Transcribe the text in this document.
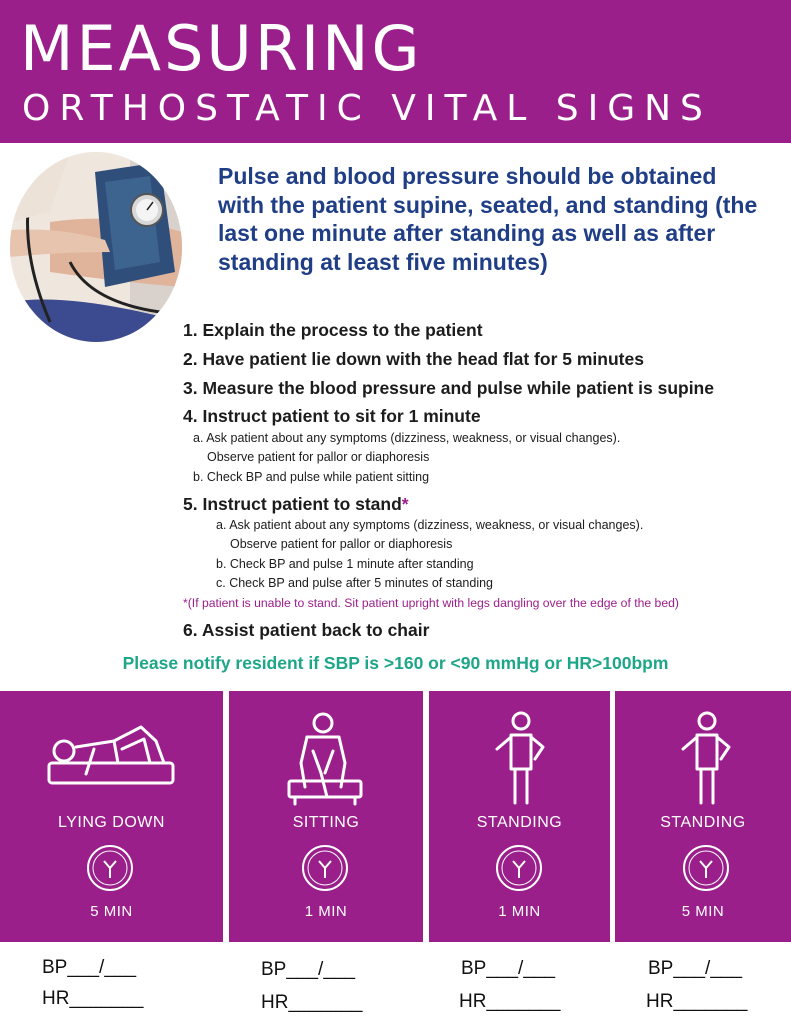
MEASURING
ORTHOSTATIC VITAL SIGNS
Pulse and blood pressure should be obtained with the patient supine, seated, and standing (the last one minute after standing as well as after standing at least five minutes)
1. Explain the process to the patient
2. Have patient lie down with the head flat for 5 minutes
3. Measure the blood pressure and pulse while patient is supine
4. Instruct patient to sit for 1 minute
a. Ask patient about any symptoms (dizziness, weakness, or visual changes).
Observe patient for pallor or diaphoresis
b. Check BP and pulse while patient sitting
5. Instruct patient to stand*
a. Ask patient about any symptoms (dizziness, weakness, or visual changes).
Observe patient for pallor or diaphoresis
b. Check BP and pulse 1 minute after standing
c. Check BP and pulse after 5 minutes of standing
*(If patient is unable to stand. Sit patient upright with legs dangling over the edge of the bed)
6. Assist patient back to chair
Please notify resident if SBP is >160 or <90 mmHg or HR>100bpm
LYING DOWN
5 MIN
SITTING
1 MIN
STANDING
1 MIN
STANDING
5 MIN
BP___/___
HR_______
BP___/___
HR_______
BP___/___
HR_______
BP___/___
HR_______
